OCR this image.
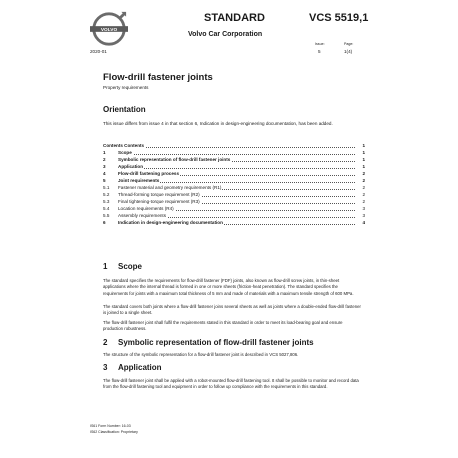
VOLVO
STANDARD	VCS 5519,1
Volvo Car Corporation
2020-01
Issue:
5
Page:
1(4)
Flow-drill fastener joints
Property requirements
Orientation
This issue differs from issue 4 in that section 6, Indication in design-engineering documentation, has been added.
Contents Contents	1
1	Scope	1
2	Symbolic representation of flow-drill fastener joints	1
3	Application	1
4	Flow-drill fastening process	2
5	Joint requirements	2
5.1	Fastener material and geometry requirements (R1)	2
5.2	Thread-forming torque requirement (R2)	2
5.3	Final tightening-torque requirement (R3)	2
5.4	Location requirements (R4)	3
5.5	Assembly requirements	3
6	Indication in design-engineering documentation	4
1 Scope
The standard specifies the requirements for flow-drill fastener (FDF) joints, also known as flow-drill screw joints, in thin-sheet applications where the internal thread is formed in one or more sheets (friction-heat penetration). The standard specifies the requirements for joints with a maximum total thickness of 5 mm and made of materials with a maximum tensile strength of 600 MPa.
The standard covers both joints where a flow-drill fastener joins several sheets as well as joints where a double-ended flow-drill fastener is joined to a single sheet.
The flow-drill fastener joint shall fulfil the requirements stated in this standard in order to meet its load-bearing goal and ensure production robustness.
2 Symbolic representation of flow-drill fastener joints
The structure of the symbolic representation for a flow-drill fastener joint is described in VCS 5027,806.
3 Application
The flow-drill fastener joint shall be applied with a robot-mounted flow-drill fastening tool. It shall be possible to monitor and record data from the flow-drill fastening tool and equipment in order to follow up compliance with the requirements in this standard.
IS61 Form Number: 16-03
IS62 Classification: Proprietary
